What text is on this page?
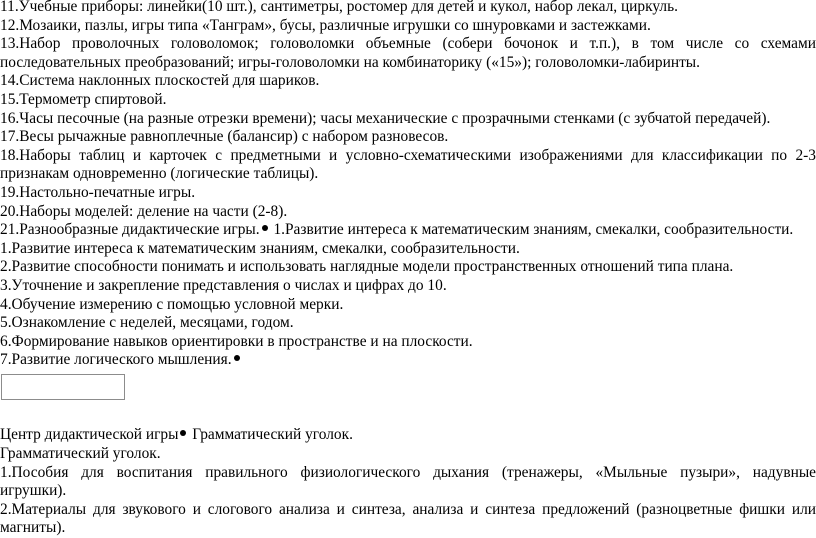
11.Учебные приборы: линейки(10 шт.), сантиметры, ростомер для детей и кукол, набор лекал, циркуль.
12.Мозаики, пазлы, игры типа «Танграм», бусы, различные игрушки со шнуровками и застежками.
13.Набор проволочных головоломок; головоломки объемные (собери бочонок и т.п.), в том числе со схемами
последовательных преобразований; игры-головоломки на комбинаторику («15»); головоломки-лабиринты.
14.Система наклонных плоскостей для шариков.
15.Термометр спиртовой.
16.Часы песочные (на разные отрезки времени); часы механические с прозрачными стенками (с зубчатой передачей).
17.Весы рычажные равноплечные (балансир) с набором разновесов.
18.Наборы таблиц и карточек с предметными и условно-схематическими изображениями для классификации по 2-3
признакам одновременно (логические таблицы).
19.Настольно-печатные игры.
20.Наборы моделей: деление на части (2-8).
21.Разнообразные дидактические игры. 1.Развитие интереса к математическим знаниям, смекалки, сообразительности.
1.Развитие интереса к математическим знаниям, смекалки, сообразительности.
2.Развитие способности понимать и использовать наглядные модели пространственных отношений типа плана.
3.Уточнение и закрепление представления о числах и цифрах до 10.
4.Обучение измерению с помощью условной мерки.
5.Ознакомление с неделей, месяцами, годом.
6.Формирование навыков ориентировки в пространстве и на плоскости.
7.Развитие логического мышления.
Центр дидактической игры Грамматический уголок.
Грамматический уголок.
1.Пособия для воспитания правильного физиологического дыхания (тренажеры, «Мыльные пузыри», надувные
игрушки).
2.Материалы для звукового и слогового анализа и синтеза, анализа и синтеза предложений (разноцветные фишки или
магниты).
